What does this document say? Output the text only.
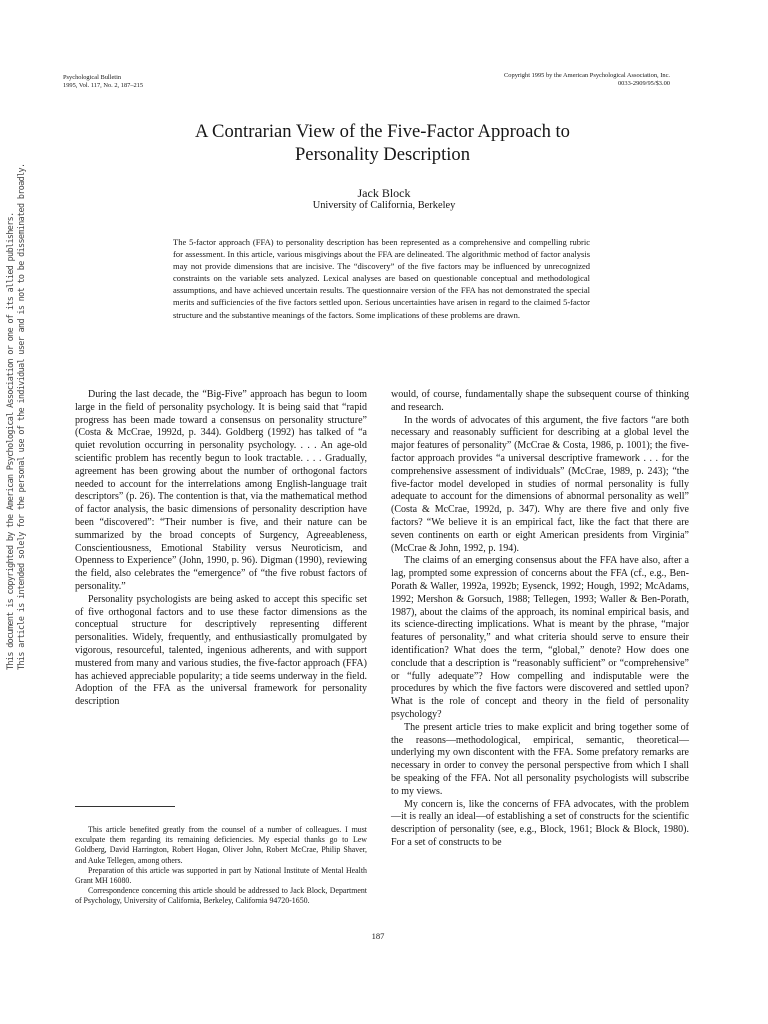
Psychological Bulletin
1995, Vol. 117, No. 2, 187–215
Copyright 1995 by the American Psychological Association, Inc.
0033-2909/95/$3.00
A Contrarian View of the Five-Factor Approach to
Personality Description
Jack Block
University of California, Berkeley

The 5-factor approach (FFA) to personality description has been represented as a comprehensive and compelling rubric for assessment. In this article, various misgivings about the FFA are delineated. The algorithmic method of factor analysis may not provide dimensions that are incisive. The “discovery” of the five factors may be influenced by unrecognized constraints on the variable sets analyzed. Lexical analyses are based on questionable conceptual and methodological assumptions, and have achieved uncertain results. The questionnaire version of the FFA has not demonstrated the special merits and sufficiencies of the five factors settled upon. Serious uncertainties have arisen in regard to the claimed 5-factor structure and the substantive meanings of the factors. Some implications of these problems are drawn.

This document is copyrighted by the American Psychological Association or one of its allied publishers. This article is intended solely for the personal use of the individual user and is not to be disseminated broadly.	During the last decade, the “Big-Five” approach has begun to loom large in the field of personality psychology. It is being said that “rapid progress has been made toward a consensus on personality structure” (Costa & McCrae, 1992d, p. 344). Goldberg (1992) has talked of “a quiet revolution occurring in personality psychology. . . . An age-old scientific problem has recently begun to look tractable. . . . Gradually, agreement has been growing about the number of orthogonal factors needed to account for the interrelations among English-language trait descriptors” (p. 26). The contention is that, via the mathematical method of factor analysis, the basic dimensions of personality description have been “discovered”: “Their number is five, and their nature can be summarized by the broad concepts of Surgency, Agreeableness, Conscientiousness, Emotional Stability versus Neuroticism, and Openness to Experience” (John, 1990, p. 96). Digman (1990), reviewing the field, also celebrates the “emergence” of “the five robust factors of personality.”

Personality psychologists are being asked to accept this specific set of five orthogonal factors and to use these factor dimensions as the conceptual structure for descriptively representing different personalities. Widely, frequently, and enthusiastically promulgated by vigorous, resourceful, talented, ingenious adherents, and with support mustered from many and various studies, the five-factor approach (FFA) has achieved appreciable popularity; a tide seems underway in the field. Adoption of the FFA as the universal framework for personality description

would, of course, fundamentally shape the subsequent course of thinking and research.

In the words of advocates of this argument, the five factors “are both necessary and reasonably sufficient for describing at a global level the major features of personality” (McCrae & Costa, 1986, p. 1001); the five-factor approach provides “a universal descriptive framework . . . for the comprehensive assessment of individuals” (McCrae, 1989, p. 243); “the five-factor model developed in studies of normal personality is fully adequate to account for the dimensions of abnormal personality as well” (Costa & McCrae, 1992d, p. 347). Why are there five and only five factors? “We believe it is an empirical fact, like the fact that there are seven continents on earth or eight American presidents from Virginia” (McCrae & John, 1992, p. 194).

The claims of an emerging consensus about the FFA have also, after a lag, prompted some expression of concerns about the FFA (cf., e.g., Ben-Porath & Waller, 1992a, 1992b; Eysenck, 1992; Hough, 1992; McAdams, 1992; Mershon & Gorsuch, 1988; Tellegen, 1993; Waller & Ben-Porath, 1987), about the claims of the approach, its nominal empirical basis, and its science-directing implications. What is meant by the phrase, “major features of personality,” and what criteria should serve to ensure their identification? What does the term, “global,” denote? How does one conclude that a description is “reasonably sufficient” or “comprehensive” or “fully adequate”? How compelling and indisputable were the procedures by which the five factors were discovered and settled upon? What is the role of concept and theory in the field of personality psychology?

The present article tries to make explicit and bring together some of the reasons—methodological, empirical, semantic, theoretical—underlying my own discontent with the FFA. Some prefatory remarks are necessary in order to convey the personal perspective from which I shall be speaking of the FFA. Not all personality psychologists will subscribe to my views.

My concern is, like the concerns of FFA advocates, with the problem—it is really an ideal—of establishing a set of constructs for the scientific description of personality (see, e.g., Block, 1961; Block & Block, 1980). For a set of constructs to be

This article benefited greatly from the counsel of a number of colleagues. I must exculpate them regarding its remaining deficiencies. My especial thanks go to Lew Goldberg, David Harrington, Robert Hogan, Oliver John, Robert McCrae, Philip Shaver, and Auke Tellegen, among others.

Preparation of this article was supported in part by National Institute of Mental Health Grant MH 16080.

Correspondence concerning this article should be addressed to Jack Block, Department of Psychology, University of California, Berkeley, California 94720-1650.

187
